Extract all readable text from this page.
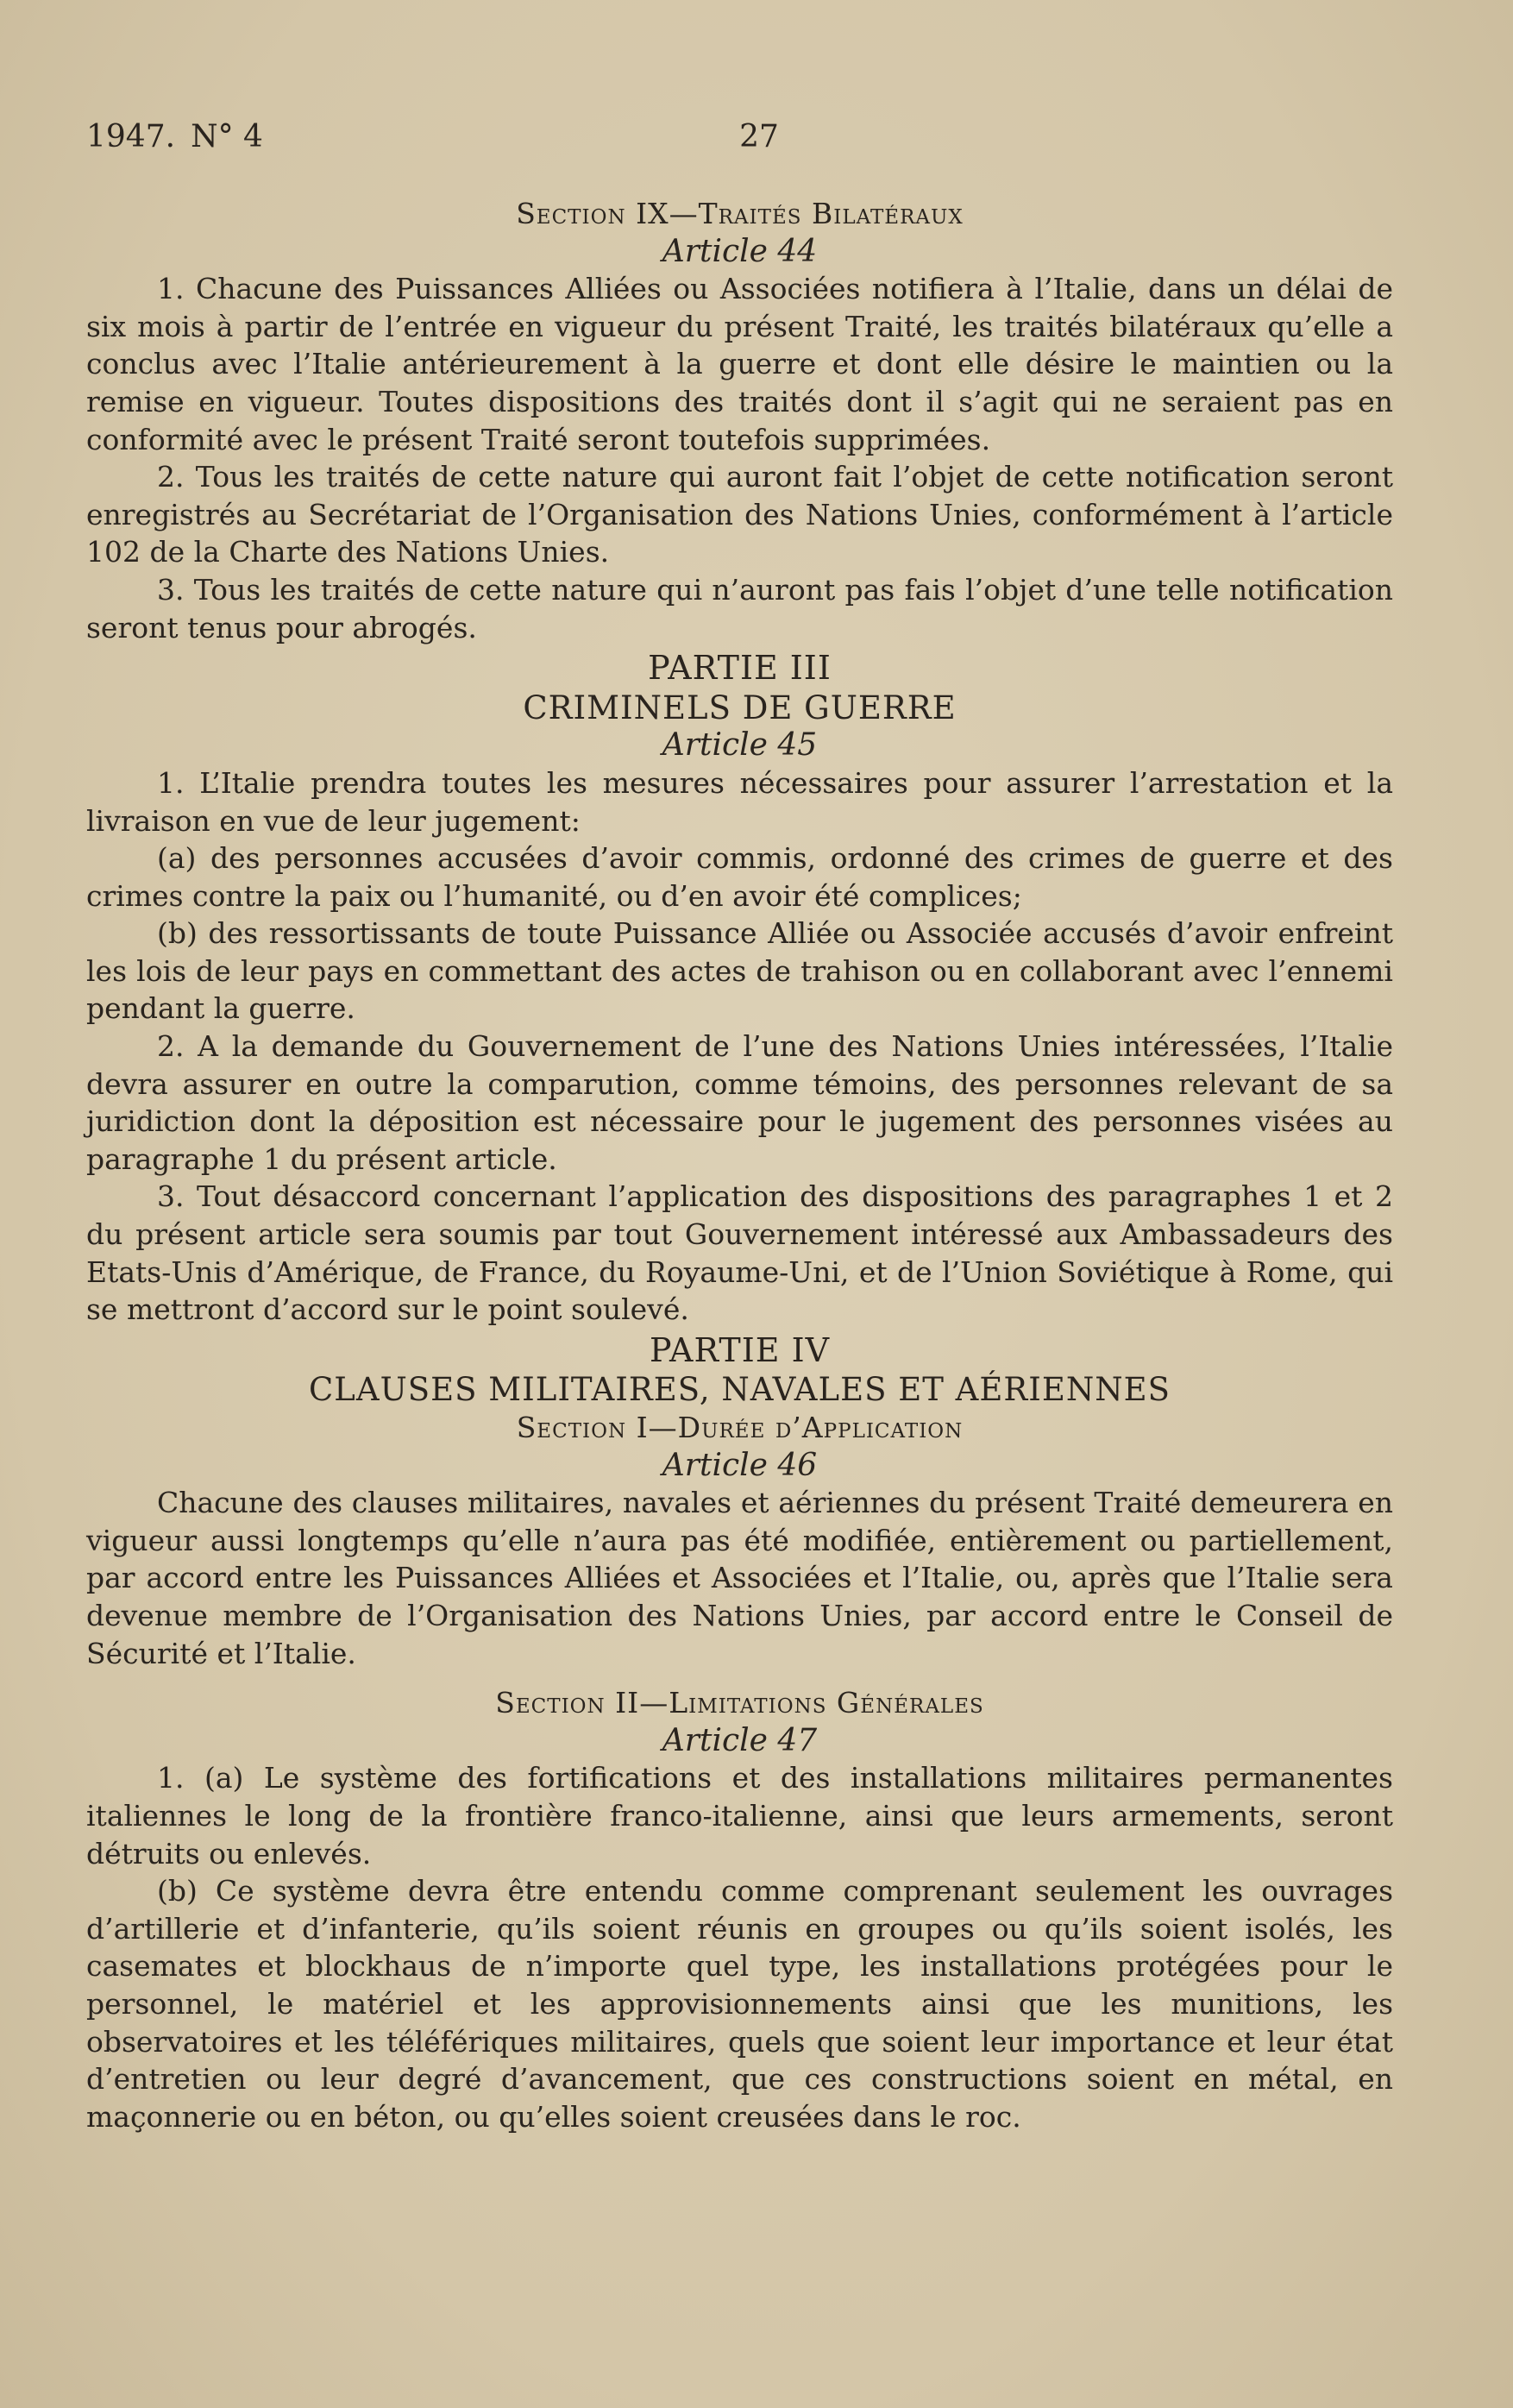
1947. N° 4	27
Section IX—Traités Bilatéraux
Article 44

1. Chacune des Puissances Alliées ou Associées notifiera à l’Italie, dans un délai de six mois à partir de l’entrée en vigueur du présent Traité, les traités bilatéraux qu’elle a conclus avec l’Italie antérieurement à la guerre et dont elle désire le maintien ou la remise en vigueur. Toutes dispositions des traités dont il s’agit qui ne seraient pas en conformité avec le présent Traité seront toutefois supprimées.

2. Tous les traités de cette nature qui auront fait l’objet de cette notification seront enregistrés au Secrétariat de l’Organisation des Nations Unies, conformément à l’article 102 de la Charte des Nations Unies.

3. Tous les traités de cette nature qui n’auront pas fais l’objet d’une telle notification seront tenus pour abrogés.

PARTIE III
CRIMINELS DE GUERRE
Article 45

1. L’Italie prendra toutes les mesures nécessaires pour assurer l’arrestation et la livraison en vue de leur jugement:

(a) des personnes accusées d’avoir commis, ordonné des crimes de guerre et des crimes contre la paix ou l’humanité, ou d’en avoir été complices;

(b) des ressortissants de toute Puissance Alliée ou Associée accusés d’avoir enfreint les lois de leur pays en commettant des actes de trahison ou en collaborant avec l’ennemi pendant la guerre.

2. A la demande du Gouvernement de l’une des Nations Unies intéressées, l’Italie devra assurer en outre la comparution, comme témoins, des personnes relevant de sa juridiction dont la déposition est nécessaire pour le jugement des personnes visées au paragraphe 1 du présent article.

3. Tout désaccord concernant l’application des dispositions des paragraphes 1 et 2 du présent article sera soumis par tout Gouvernement intéressé aux Ambassadeurs des Etats-Unis d’Amérique, de France, du Royaume-Uni, et de l’Union Soviétique à Rome, qui se mettront d’accord sur le point soulevé.

PARTIE IV
CLAUSES MILITAIRES, NAVALES ET AÉRIENNES
Section I—Durée d’Application
Article 46

Chacune des clauses militaires, navales et aériennes du présent Traité demeurera en vigueur aussi longtemps qu’elle n’aura pas été modifiée, entièrement ou partiellement, par accord entre les Puissances Alliées et Associées et l’Italie, ou, après que l’Italie sera devenue membre de l’Organisation des Nations Unies, par accord entre le Conseil de Sécurité et l’Italie.

Section II—Limitations Générales
Article 47

1. (a) Le système des fortifications et des installations militaires permanentes italiennes le long de la frontière franco-italienne, ainsi que leurs armements, seront détruits ou enlevés.

(b) Ce système devra être entendu comme comprenant seulement les ouvrages d’artillerie et d’infanterie, qu’ils soient réunis en groupes ou qu’ils soient isolés, les casemates et blockhaus de n’importe quel type, les installations protégées pour le personnel, le matériel et les approvisionnements ainsi que les munitions, les observatoires et les téléfériques militaires, quels que soient leur importance et leur état d’entretien ou leur degré d’avancement, que ces constructions soient en métal, en maçonnerie ou en béton, ou qu’elles soient creusées dans le roc.
